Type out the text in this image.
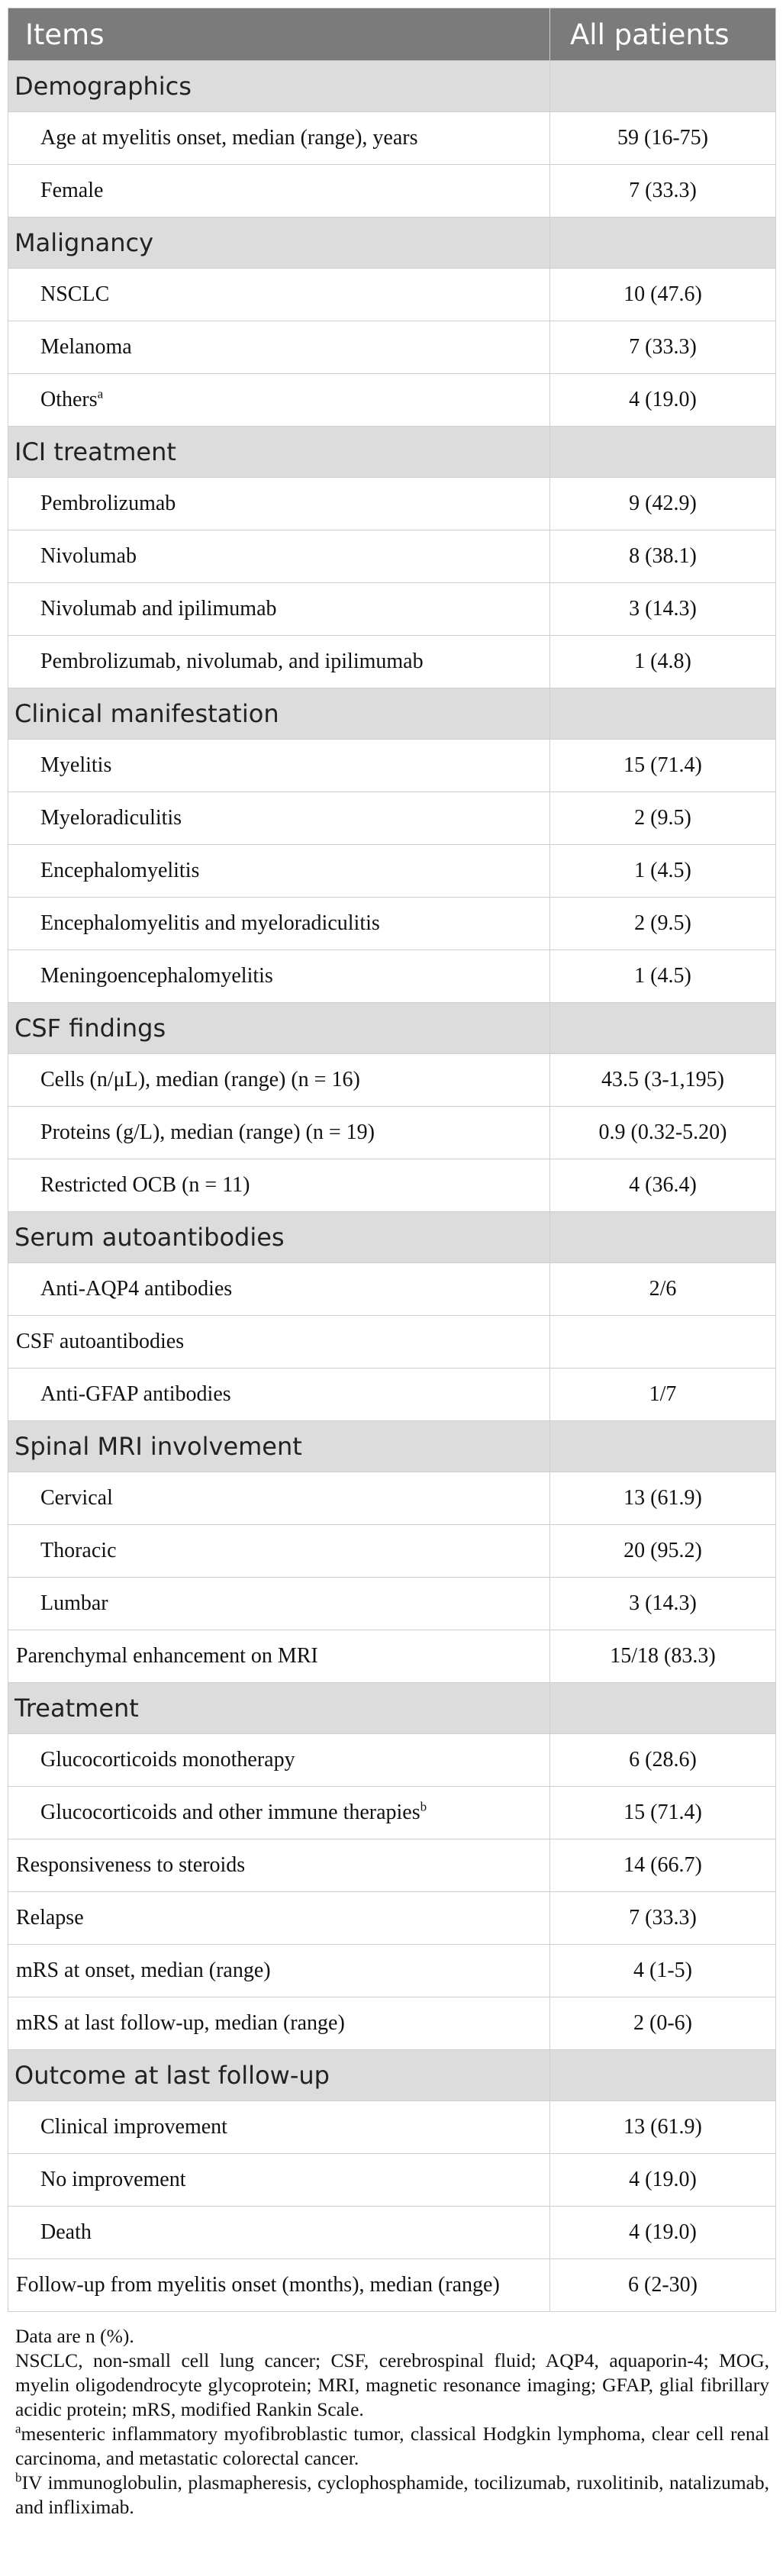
Items	All patients
Demographics	
Age at myelitis onset, median (range), years	59 (16-75)
Female	7 (33.3)
Malignancy	
NSCLC	10 (47.6)
Melanoma	7 (33.3)
Others$^a$	4 (19.0)
ICI treatment	
Pembrolizumab	9 (42.9)
Nivolumab	8 (38.1)
Nivolumab and ipilimumab	3 (14.3)
Pembrolizumab, nivolumab, and ipilimumab	1 (4.8)
Clinical manifestation	
Myelitis	15 (71.4)
Myeloradiculitis	2 (9.5)
Encephalomyelitis	1 (4.5)
Encephalomyelitis and myeloradiculitis	2 (9.5)
Meningoencephalomyelitis	1 (4.5)
CSF findings	
Cells (n/μL), median (range) (n = 16)	43.5 (3-1,195)
Proteins (g/L), median (range) (n = 19)	0.9 (0.32-5.20)
Restricted OCB (n = 11)	4 (36.4)
Serum autoantibodies	
Anti-AQP4 antibodies	2/6
CSF autoantibodies	
Anti-GFAP antibodies	1/7
Spinal MRI involvement	
Cervical	13 (61.9)
Thoracic	20 (95.2)
Lumbar	3 (14.3)
Parenchymal enhancement on MRI	15/18 (83.3)
Treatment	
Glucocorticoids monotherapy	6 (28.6)
Glucocorticoids and other immune therapies$^b$	15 (71.4)
Responsiveness to steroids	14 (66.7)
Relapse	7 (33.3)
mRS at onset, median (range)	4 (1-5)
mRS at last follow-up, median (range)	2 (0-6)
Outcome at last follow-up	
Clinical improvement	13 (61.9)
No improvement	4 (19.0)
Death	4 (19.0)
Follow-up from myelitis onset (months), median (range)	6 (2-30)

Data are n (%).

NSCLC, non-small cell lung cancer; CSF, cerebrospinal fluid; AQP4, aquaporin-4; MOG, myelin oligodendrocyte glycoprotein; MRI, magnetic resonance imaging; GFAP, glial fibrillary acidic protein; mRS, modified Rankin Scale.

$^a$mesenteric inflammatory myofibroblastic tumor, classical Hodgkin lymphoma, clear cell renal carcinoma, and metastatic colorectal cancer.

$^b$IV immunoglobulin, plasmapheresis, cyclophosphamide, tocilizumab, ruxolitinib, natalizumab, and infliximab.
